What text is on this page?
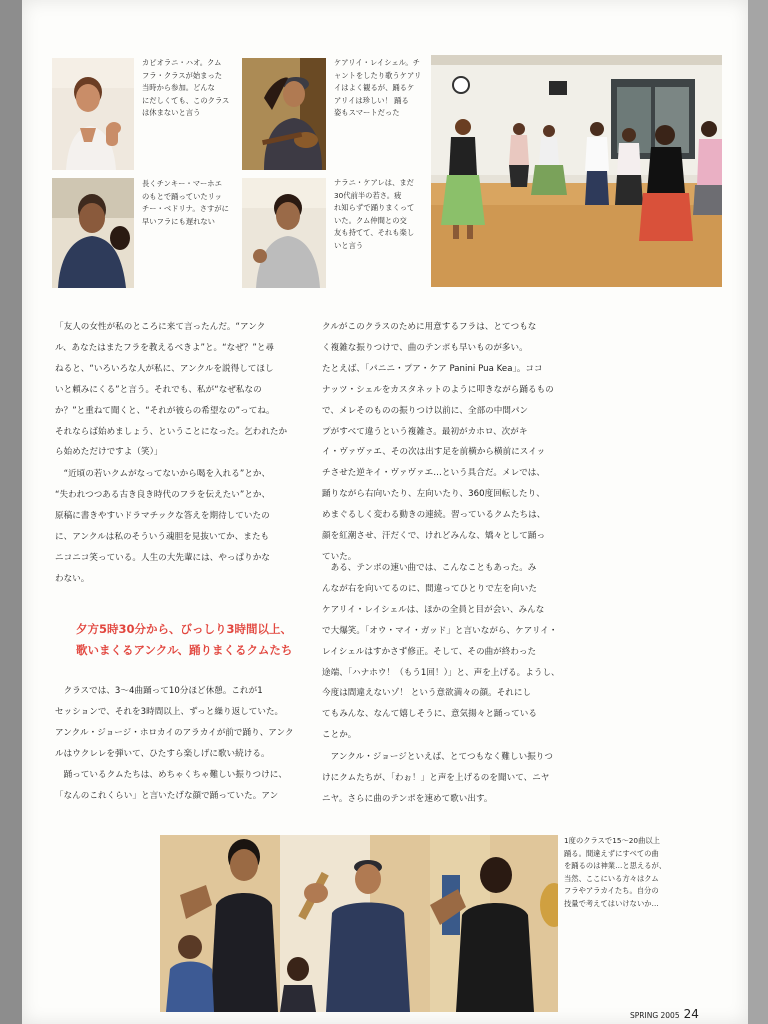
カピオラニ・ハオ。クム
フラ・クラスが始まった
当時から参加。どんな
にだしくても、このクラス
は休まないと言う

ケアリイ・レイシェル。チ
ャントをしたり歌うケアリ
イはよく観るが、踊るケ
アリイは珍しい！ 踊る
姿もスマートだった

長くチンキー・マーホエ
のもとで踊っていたリッ
チー・ベドリナ。さすがに
早いフラにも遅れない

ナラニ・ケアレは、まだ
30代前半の若さ。疲
れ知らずで踊りまくって
いた。クム仲間との交
友も持てて、それも楽し
いと言う

「友人の女性が私のところに来て言ったんだ。“アンク
ル、あなたはまたフラを教えるべきよ”と。“なぜ？”と尋
ねると、“いろいろな人が私に、アンクルを説得してほし
いと頼みにくる”と言う。それでも、私が“なぜ私なの
か？”と重ねて聞くと、“それが彼らの希望なの”ってね。
それならば始めましょう、ということになった。乞われたか
ら始めただけですよ（笑）」

　“近頃の若いクムがなってないから喝を入れる”とか、
“失われつつある古き良き時代のフラを伝えたい”とか、
原稿に書きやすいドラマチックな答えを期待していたの
に、アンクルは私のそういう魂胆を見抜いてか、またも
ニコニコ笑っている。人生の大先輩には、やっぱりかな
わない。

夕方5時30分から、びっしり3時間以上、
歌いまくるアンクル、踊りまくるクムたち

　クラスでは、3〜4曲踊って10分ほど休憩。これが1
セッションで、それを3時間以上、ずっと繰り返していた。
アンクル・ジョージ・ホロカイのアラカイが前で踊り、アンク
ルはウクレレを弾いて、ひたすら楽しげに歌い続ける。
　踊っているクムたちは、めちゃくちゃ難しい振りつけに、
「なんのこれくらい」と言いたげな顔で踊っていた。アン

クルがこのクラスのために用意するフラは、とてつもな
く複雑な振りつけで、曲のテンポも早いものが多い。
たとえば、「パニニ・プア・ケア Panini Pua Kea」。ココ
ナッツ・シェルをカスタネットのように叩きながら踊るもの
で、メレそのものの振りつけ以前に、全部の中間パン
プがすべて違うという複雑さ。最初がカホロ、次がキ
イ・ヴァヴァエ、その次は出す足を前横から横前にスイッ
チさせた逆キイ・ヴァヴァエ…という具合だ。メレでは、
踊りながら右向いたり、左向いたり、360度回転したり、
めまぐるしく変わる動きの連続。習っているクムたちは、
顔を紅潮させ、汗だくで、けれどみんな、矯々として踊っ
ていた。

　ある、テンポの速い曲では、こんなこともあった。み
んなが右を向いてるのに、間違ってひとりで左を向いた
ケアリイ・レイシェルは、ほかの全員と目が会い、みんな
で大爆笑。「オウ・マイ・ガッド」と言いながら、ケアリイ・
レイシェルはすかさず修正。そして、その曲が終わった
途端、「ハナホウ！（もう1回！）」と、声を上げる。ようし、
今度は間違えないゾ！ という意欲満々の顔。それにし
てもみんな、なんて嬉しそうに、意気揚々と踊っている
ことか。

　アンクル・ジョージといえば、とてつもなく難しい振りつ
けにクムたちが、「わぉ！」と声を上げるのを聞いて、ニヤ
ニヤ。さらに曲のテンポを速めて歌い出す。

1度のクラスで15〜20曲以上
踊る。間違えずにすべての曲
を踊るのは神業…と思えるが、
当然、ここにいる方々はクム
フラやアラカイたち。自分の
技量で考えてはいけないか…

SPRING 2005 24
